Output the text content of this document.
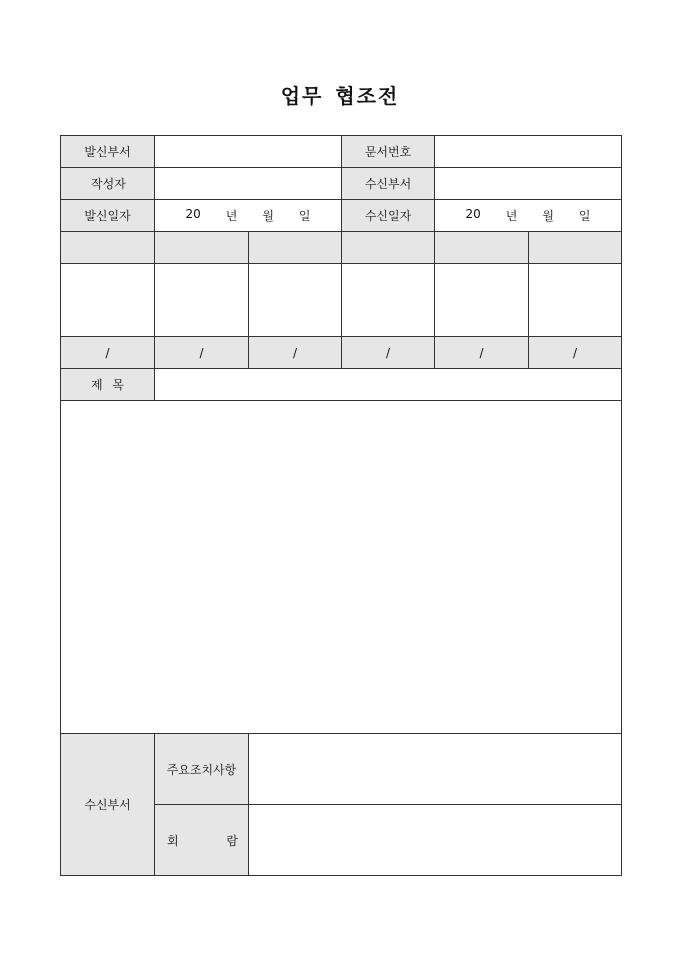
업무 협조전
발신부서			문서번호		

작 성 자			수신부서		
발신일자	20 년 월 일		수신일자	20 년 월 일	

/	/	/	/	/	/

제 목					

수신부서	주요조치사항				

	회 람				
